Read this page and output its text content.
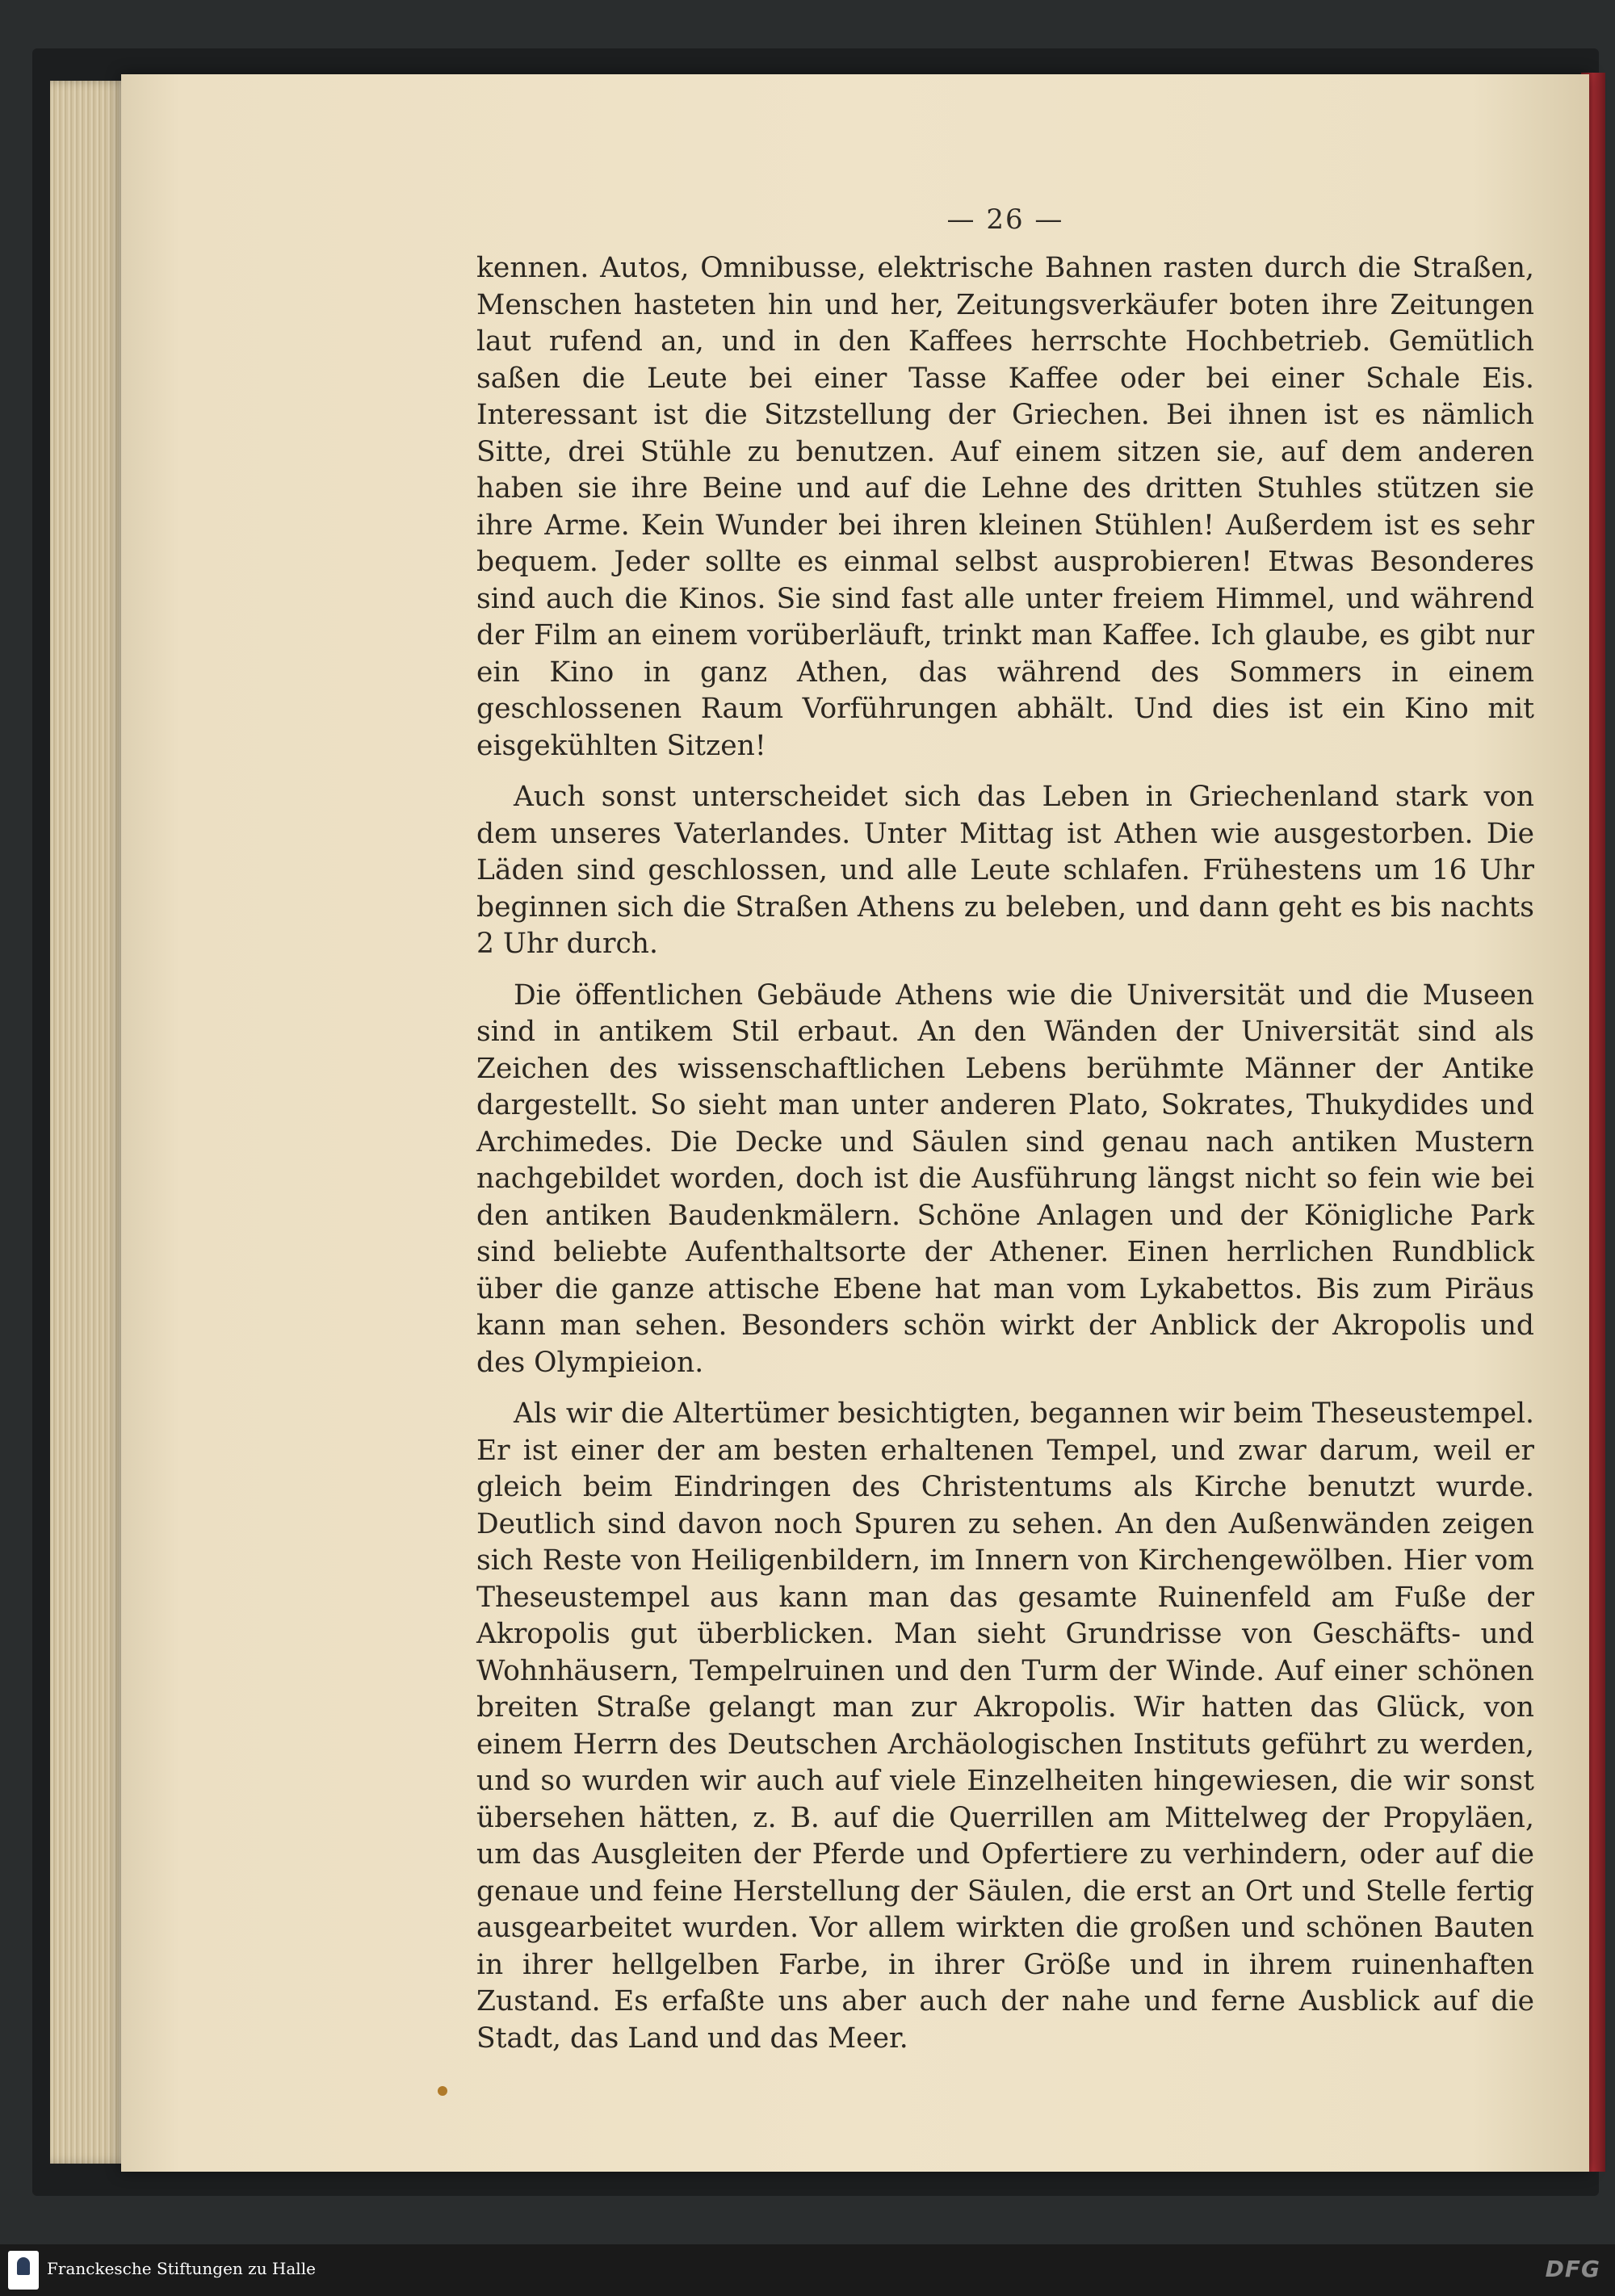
— 26 —

kennen. Autos, Omnibusse, elektrische Bahnen rasten durch die Straßen, Menschen hasteten hin und her, Zeitungsverkäufer boten ihre Zeitungen laut rufend an, und in den Kaffees herrschte Hochbetrieb. Gemütlich saßen die Leute bei einer Tasse Kaffee oder bei einer Schale Eis. Interessant ist die Sitzstellung der Griechen. Bei ihnen ist es nämlich Sitte, drei Stühle zu benutzen. Auf einem sitzen sie, auf dem anderen haben sie ihre Beine und auf die Lehne des dritten Stuhles stützen sie ihre Arme. Kein Wunder bei ihren kleinen Stühlen! Außerdem ist es sehr bequem. Jeder sollte es einmal selbst ausprobieren! Etwas Besonderes sind auch die Kinos. Sie sind fast alle unter freiem Himmel, und während der Film an einem vorüberläuft, trinkt man Kaffee. Ich glaube, es gibt nur ein Kino in ganz Athen, das während des Sommers in einem geschlossenen Raum Vorführungen abhält. Und dies ist ein Kino mit eisgekühlten Sitzen!

Auch sonst unterscheidet sich das Leben in Griechenland stark von dem unseres Vaterlandes. Unter Mittag ist Athen wie ausgestorben. Die Läden sind geschlossen, und alle Leute schlafen. Frühestens um 16 Uhr beginnen sich die Straßen Athens zu beleben, und dann geht es bis nachts 2 Uhr durch.

Die öffentlichen Gebäude Athens wie die Universität und die Museen sind in antikem Stil erbaut. An den Wänden der Universität sind als Zeichen des wissenschaftlichen Lebens berühmte Männer der Antike dargestellt. So sieht man unter anderen Plato, Sokrates, Thukydides und Archimedes. Die Decke und Säulen sind genau nach antiken Mustern nachgebildet worden, doch ist die Ausführung längst nicht so fein wie bei den antiken Baudenkmälern. Schöne Anlagen und der Königliche Park sind beliebte Aufenthaltsorte der Athener. Einen herrlichen Rundblick über die ganze attische Ebene hat man vom Lykabettos. Bis zum Piräus kann man sehen. Besonders schön wirkt der Anblick der Akropolis und des Olympieion.

Als wir die Altertümer besichtigten, begannen wir beim Theseustempel. Er ist einer der am besten erhaltenen Tempel, und zwar darum, weil er gleich beim Eindringen des Christentums als Kirche benutzt wurde. Deutlich sind davon noch Spuren zu sehen. An den Außenwänden zeigen sich Reste von Heiligenbildern, im Innern von Kirchengewölben. Hier vom Theseustempel aus kann man das gesamte Ruinenfeld am Fuße der Akropolis gut überblicken. Man sieht Grundrisse von Geschäfts- und Wohnhäusern, Tempelruinen und den Turm der Winde. Auf einer schönen breiten Straße gelangt man zur Akropolis. Wir hatten das Glück, von einem Herrn des Deutschen Archäologischen Instituts geführt zu werden, und so wurden wir auch auf viele Einzelheiten hingewiesen, die wir sonst übersehen hätten, z. B. auf die Querrillen am Mittelweg der Propyläen, um das Ausgleiten der Pferde und Opfertiere zu verhindern, oder auf die genaue und feine Herstellung der Säulen, die erst an Ort und Stelle fertig ausgearbeitet wurden. Vor allem wirkten die großen und schönen Bauten in ihrer hellgelben Farbe, in ihrer Größe und in ihrem ruinenhaften Zustand. Es erfaßte uns aber auch der nahe und ferne Ausblick auf die Stadt, das Land und das Meer.

Franckesche Stiftungen zu Halle	DFG
